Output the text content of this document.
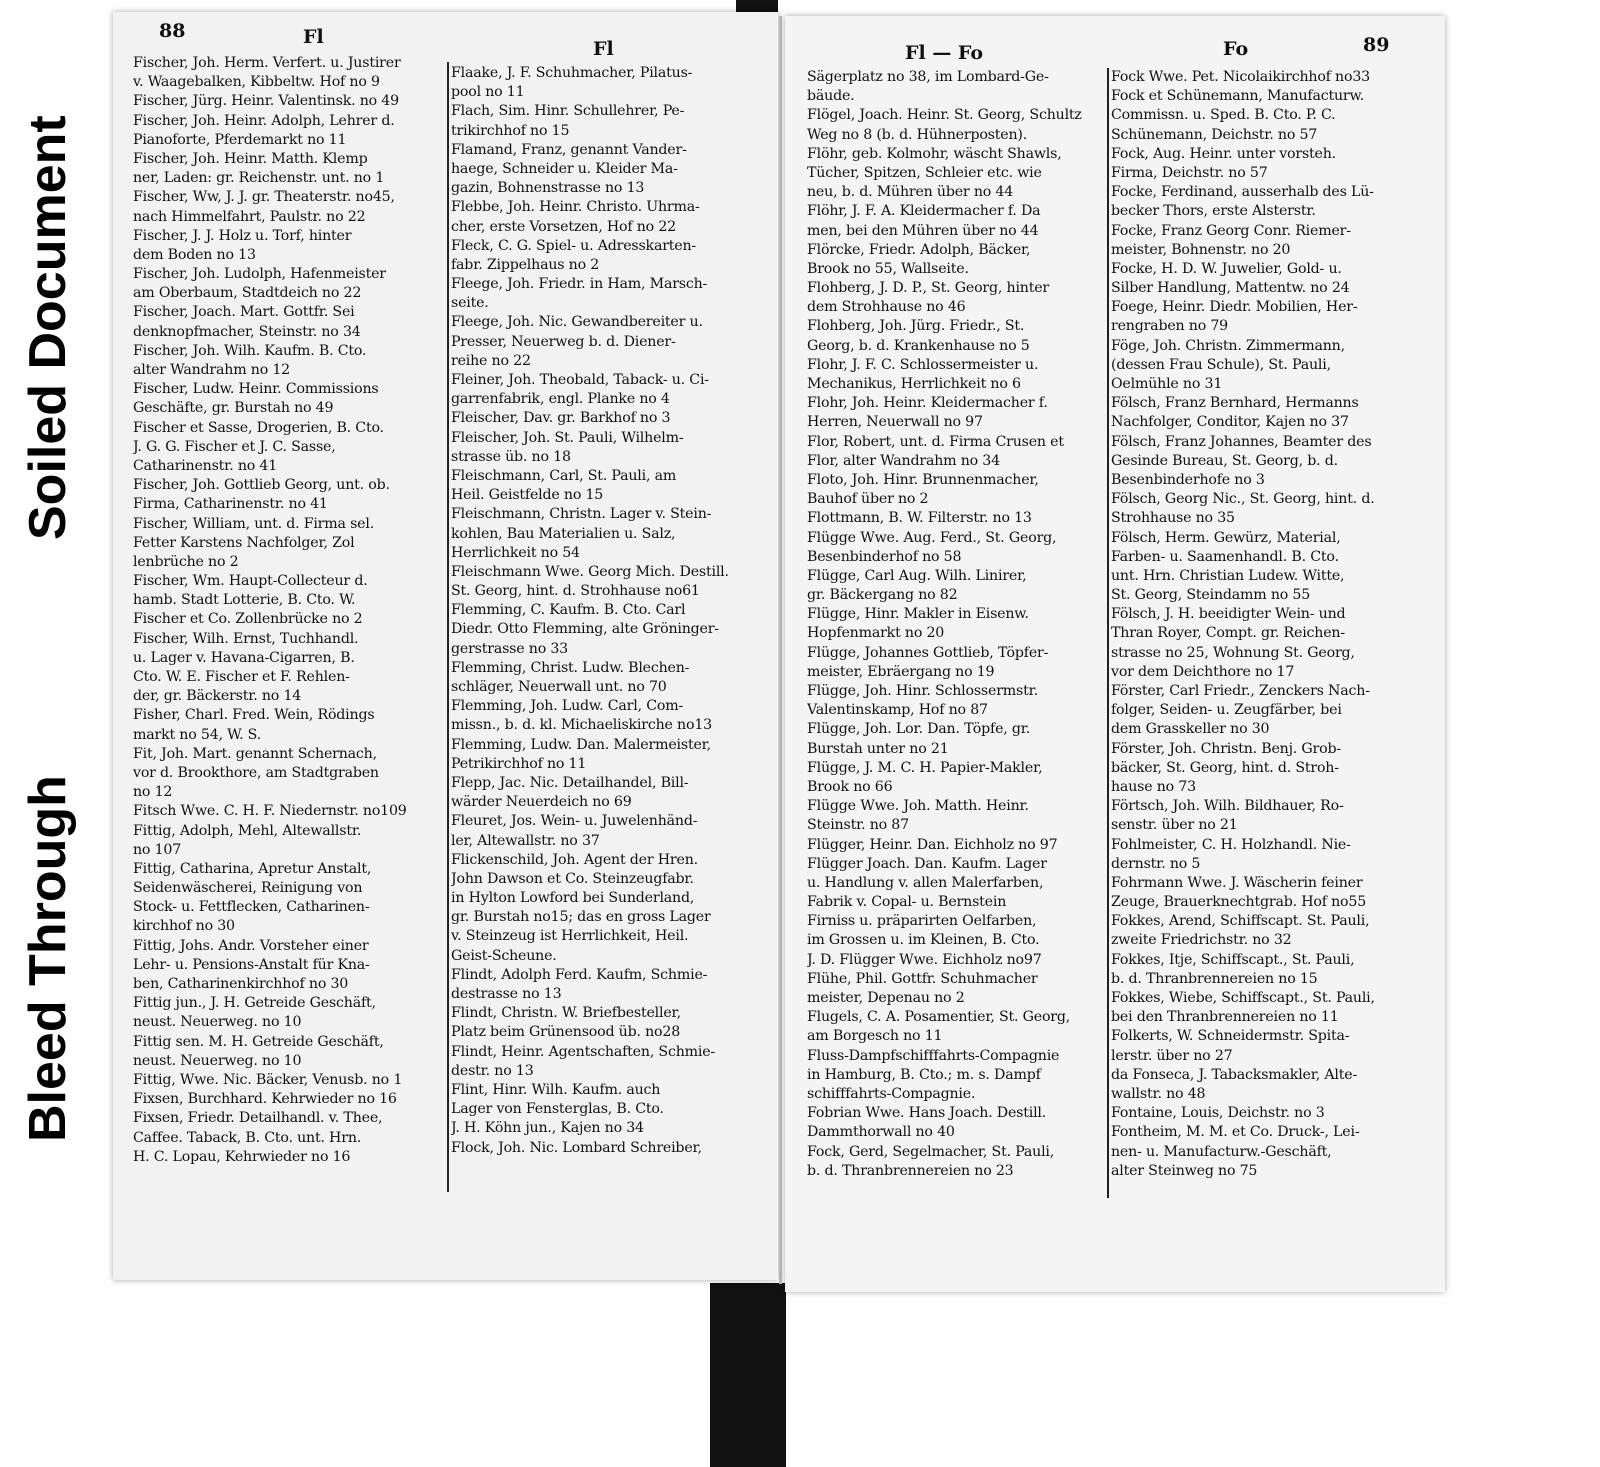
Soiled Document
Bleed Through
88	Fl
Fl
Fischer, Joh. Herm. Verfert. u. Justirer
v. Waagebalken, Kibbeltw. Hof no 9
Fischer, Jürg. Heinr. Valentinsk. no 49
Fischer, Joh. Heinr. Adolph, Lehrer d.
Pianoforte, Pferdemarkt no 11
Fischer, Joh. Heinr. Matth. Klemp
ner, Laden: gr. Reichenstr. unt. no 1
Fischer, Ww, J. J. gr. Theaterstr. no45,
nach Himmelfahrt, Paulstr. no 22
Fischer, J. J. Holz u. Torf, hinter
dem Boden no 13
Fischer, Joh. Ludolph, Hafenmeister
am Oberbaum, Stadtdeich no 22
Fischer, Joach. Mart. Gottfr. Sei
denknopfmacher, Steinstr. no 34
Fischer, Joh. Wilh. Kaufm. B. Cto.
alter Wandrahm no 12
Fischer, Ludw. Heinr. Commissions
Geschäfte, gr. Burstah no 49
Fischer et Sasse, Drogerien, B. Cto.
J. G. G. Fischer et J. C. Sasse,
Catharinenstr. no 41
Fischer, Joh. Gottlieb Georg, unt. ob.
Firma, Catharinenstr. no 41
Fischer, William, unt. d. Firma sel.
Fetter Karstens Nachfolger, Zol
lenbrüche no 2
Fischer, Wm. Haupt-Collecteur d.
hamb. Stadt Lotterie, B. Cto. W.
Fischer et Co. Zollenbrücke no 2
Fischer, Wilh. Ernst, Tuchhandl.
u. Lager v. Havana-Cigarren, B.
Cto. W. E. Fischer et F. Rehlen-
der, gr. Bäckerstr. no 14
Fisher, Charl. Fred. Wein, Rödings
markt no 54, W. S.
Fit, Joh. Mart. genannt Schernach,
vor d. Brookthore, am Stadtgraben
no 12
Fitsch Wwe. C. H. F. Niedernstr. no109
Fittig, Adolph, Mehl, Altewallstr.
no 107
Fittig, Catharina, Apretur Anstalt,
Seidenwäscherei, Reinigung von
Stock- u. Fettflecken, Catharinen-
kirchhof no 30
Fittig, Johs. Andr. Vorsteher einer
Lehr- u. Pensions-Anstalt für Kna-
ben, Catharinenkirchhof no 30
Fittig jun., J. H. Getreide Geschäft,
neust. Neuerweg. no 10
Fittig sen. M. H. Getreide Geschäft,
neust. Neuerweg. no 10
Fittig, Wwe. Nic. Bäcker, Venusb. no 1
Fixsen, Burchhard. Kehrwieder no 16
Fixsen, Friedr. Detailhandl. v. Thee,
Caffee. Taback, B. Cto. unt. Hrn.
H. C. Lopau, Kehrwieder no 16
Flaake, J. F. Schuhmacher, Pilatus-
pool no 11
Flach, Sim. Hinr. Schullehrer, Pe-
trikirchhof no 15
Flamand, Franz, genannt Vander-
haege, Schneider u. Kleider Ma-
gazin, Bohnenstrasse no 13
Flebbe, Joh. Heinr. Christo. Uhrma-
cher, erste Vorsetzen, Hof no 22
Fleck, C. G. Spiel- u. Adresskarten-
fabr. Zippelhaus no 2
Fleege, Joh. Friedr. in Ham, Marsch-
seite.
Fleege, Joh. Nic. Gewandbereiter u.
Presser, Neuerweg b. d. Diener-
reihe no 22
Fleiner, Joh. Theobald, Taback- u. Ci-
garrenfabrik, engl. Planke no 4
Fleischer, Dav. gr. Barkhof no 3
Fleischer, Joh. St. Pauli, Wilhelm-
strasse üb. no 18
Fleischmann, Carl, St. Pauli, am
Heil. Geistfelde no 15
Fleischmann, Christn. Lager v. Stein-
kohlen, Bau Materialien u. Salz,
Herrlichkeit no 54
Fleischmann Wwe. Georg Mich. Destill.
St. Georg, hint. d. Strohhause no61
Flemming, C. Kaufm. B. Cto. Carl
Diedr. Otto Flemming, alte Gröninger-
gerstrasse no 33
Flemming, Christ. Ludw. Blechen-
schläger, Neuerwall unt. no 70
Flemming, Joh. Ludw. Carl, Com-
missn., b. d. kl. Michaeliskirche no13
Flemming, Ludw. Dan. Malermeister,
Petrikirchhof no 11
Flepp, Jac. Nic. Detailhandel, Bill-
wärder Neuerdeich no 69
Fleuret, Jos. Wein- u. Juwelenhänd-
ler, Altewallstr. no 37
Flickenschild, Joh. Agent der Hren.
John Dawson et Co. Steinzeugfabr.
in Hylton Lowford bei Sunderland,
gr. Burstah no15; das en gross Lager
v. Steinzeug ist Herrlichkeit, Heil.
Geist-Scheune.
Flindt, Adolph Ferd. Kaufm, Schmie-
destrasse no 13
Flindt, Christn. W. Briefbesteller,
Platz beim Grünensood üb. no28
Flindt, Heinr. Agentschaften, Schmie-
destr. no 13
Flint, Hinr. Wilh. Kaufm. auch
Lager von Fensterglas, B. Cto.
J. H. Köhn jun., Kajen no 34
Flock, Joh. Nic. Lombard Schreiber,
Fl — Fo	Fo	89
Sägerplatz no 38, im Lombard-Ge-
bäude.
Flögel, Joach. Heinr. St. Georg, Schultz
Weg no 8 (b. d. Hühnerposten).
Flöhr, geb. Kolmohr, wäscht Shawls,
Tücher, Spitzen, Schleier etc. wie
neu, b. d. Mühren über no 44
Flöhr, J. F. A. Kleidermacher f. Da
men, bei den Mühren über no 44
Flörcke, Friedr. Adolph, Bäcker,
Brook no 55, Wallseite.
Flohberg, J. D. P., St. Georg, hinter
dem Strohhause no 46
Flohberg, Joh. Jürg. Friedr., St.
Georg, b. d. Krankenhause no 5
Flohr, J. F. C. Schlossermeister u.
Mechanikus, Herrlichkeit no 6
Flohr, Joh. Heinr. Kleidermacher f.
Herren, Neuerwall no 97
Flor, Robert, unt. d. Firma Crusen et
Flor, alter Wandrahm no 34
Floto, Joh. Hinr. Brunnenmacher,
Bauhof über no 2
Flottmann, B. W. Filterstr. no 13
Flügge Wwe. Aug. Ferd., St. Georg,
Besenbinderhof no 58
Flügge, Carl Aug. Wilh. Linirer,
gr. Bäckergang no 82
Flügge, Hinr. Makler in Eisenw.
Hopfenmarkt no 20
Flügge, Johannes Gottlieb, Töpfer-
meister, Ebräergang no 19
Flügge, Joh. Hinr. Schlossermstr.
Valentinskamp, Hof no 87
Flügge, Joh. Lor. Dan. Töpfe, gr.
Burstah unter no 21
Flügge, J. M. C. H. Papier-Makler,
Brook no 66
Flügge Wwe. Joh. Matth. Heinr.
Steinstr. no 87
Flügger, Heinr. Dan. Eichholz no 97
Flügger Joach. Dan. Kaufm. Lager
u. Handlung v. allen Malerfarben,
Fabrik v. Copal- u. Bernstein
Firniss u. präparirten Oelfarben,
im Grossen u. im Kleinen, B. Cto.
J. D. Flügger Wwe. Eichholz no97
Flühe, Phil. Gottfr. Schuhmacher
meister, Depenau no 2
Flugels, C. A. Posamentier, St. Georg,
am Borgesch no 11
Fluss-Dampfschifffahrts-Compagnie
in Hamburg, B. Cto.; m. s. Dampf
schifffahrts-Compagnie.
Fobrian Wwe. Hans Joach. Destill.
Dammthorwall no 40
Fock, Gerd, Segelmacher, St. Pauli,
b. d. Thranbrennereien no 23
Fock Wwe. Pet. Nicolaikirchhof no33
Fock et Schünemann, Manufacturw.
Commissn. u. Sped. B. Cto. P. C.
Schünemann, Deichstr. no 57
Fock, Aug. Heinr. unter vorsteh.
Firma, Deichstr. no 57
Focke, Ferdinand, ausserhalb des Lü-
becker Thors, erste Alsterstr.
Focke, Franz Georg Conr. Riemer-
meister, Bohnenstr. no 20
Focke, H. D. W. Juwelier, Gold- u.
Silber Handlung, Mattentw. no 24
Foege, Heinr. Diedr. Mobilien, Her-
rengraben no 79
Föge, Joh. Christn. Zimmermann,
(dessen Frau Schule), St. Pauli,
Oelmühle no 31
Fölsch, Franz Bernhard, Hermanns
Nachfolger, Conditor, Kajen no 37
Fölsch, Franz Johannes, Beamter des
Gesinde Bureau, St. Georg, b. d.
Besenbinderhofe no 3
Fölsch, Georg Nic., St. Georg, hint. d.
Strohhause no 35
Fölsch, Herm. Gewürz, Material,
Farben- u. Saamenhandl. B. Cto.
unt. Hrn. Christian Ludew. Witte,
St. Georg, Steindamm no 55
Fölsch, J. H. beeidigter Wein- und
Thran Royer, Compt. gr. Reichen-
strasse no 25, Wohnung St. Georg,
vor dem Deichthore no 17
Förster, Carl Friedr., Zenckers Nach-
folger, Seiden- u. Zeugfärber, bei
dem Grasskeller no 30
Förster, Joh. Christn. Benj. Grob-
bäcker, St. Georg, hint. d. Stroh-
hause no 73
Förtsch, Joh. Wilh. Bildhauer, Ro-
senstr. über no 21
Fohlmeister, C. H. Holzhandl. Nie-
dernstr. no 5
Fohrmann Wwe. J. Wäscherin feiner
Zeuge, Brauerknechtgrab. Hof no55
Fokkes, Arend, Schiffscapt. St. Pauli,
zweite Friedrichstr. no 32
Fokkes, Itje, Schiffscapt., St. Pauli,
b. d. Thranbrennereien no 15
Fokkes, Wiebe, Schiffscapt., St. Pauli,
bei den Thranbrennereien no 11
Folkerts, W. Schneidermstr. Spita-
lerstr. über no 27
da Fonseca, J. Tabacksmakler, Alte-
wallstr. no 48
Fontaine, Louis, Deichstr. no 3
Fontheim, M. M. et Co. Druck-, Lei-
nen- u. Manufacturw.-Geschäft,
alter Steinweg no 75
